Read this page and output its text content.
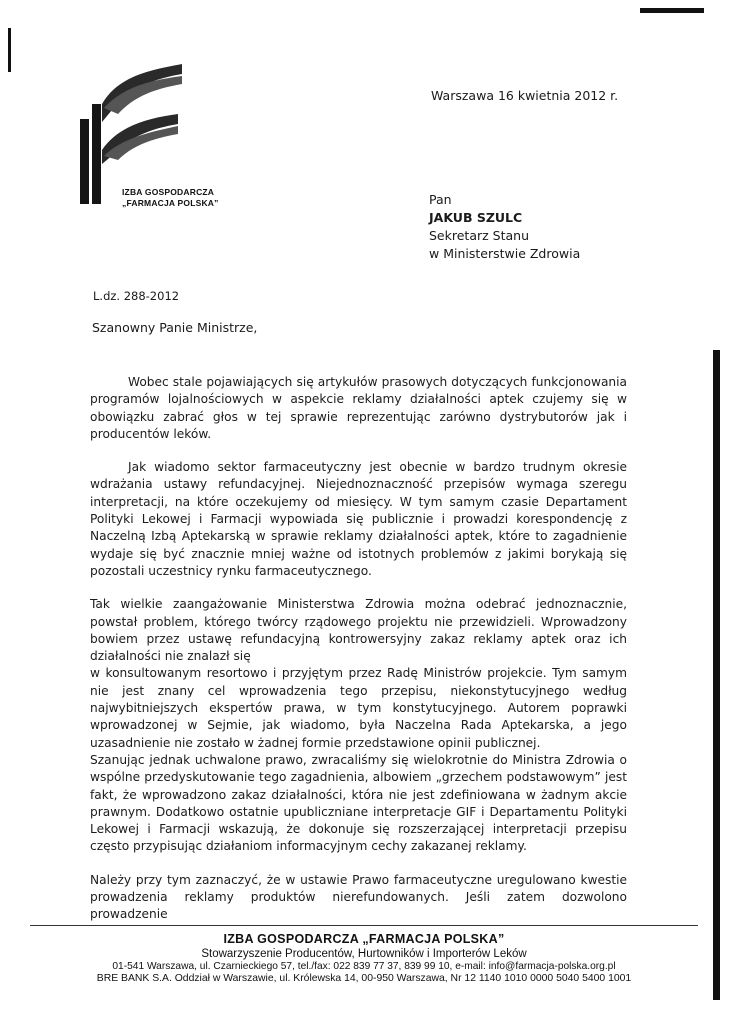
IZBA GOSPODARCZA
„FARMACJA POLSKA”
Warszawa 16 kwietnia 2012 r.
Pan
JAKUB SZULC
Sekretarz Stanu
w Ministerstwie Zdrowia
L.dz. 288-2012
Szanowny Panie Ministrze,

Wobec stale pojawiających się artykułów prasowych dotyczących funkcjonowania programów lojalnościowych w aspekcie reklamy działalności aptek czujemy się w obowiązku zabrać głos w tej sprawie reprezentując zarówno dystrybutorów jak i producentów leków.

Jak wiadomo sektor farmaceutyczny jest obecnie w bardzo trudnym okresie wdrażania ustawy refundacyjnej. Niejednoznaczność przepisów wymaga szeregu interpretacji, na które oczekujemy od miesięcy. W tym samym czasie Departament Polityki Lekowej i Farmacji wypowiada się publicznie i prowadzi korespondencję z Naczelną Izbą Aptekarską w sprawie reklamy działalności aptek, które to zagadnienie wydaje się być znacznie mniej ważne od istotnych problemów z jakimi borykają się pozostali uczestnicy rynku farmaceutycznego.

Tak wielkie zaangażowanie Ministerstwa Zdrowia można odebrać jednoznacznie, powstał problem, którego twórcy rządowego projektu nie przewidzieli. Wprowadzony bowiem przez ustawę refundacyjną kontrowersyjny zakaz reklamy aptek oraz ich działalności nie znalazł się

w konsultowanym resortowo i przyjętym przez Radę Ministrów projekcie. Tym samym nie jest znany cel wprowadzenia tego przepisu, niekonstytucyjnego według najwybitniejszych ekspertów prawa, w tym konstytucyjnego. Autorem poprawki wprowadzonej w Sejmie, jak wiadomo, była Naczelna Rada Aptekarska, a jego uzasadnienie nie zostało w żadnej formie przedstawione opinii publicznej.

Szanując jednak uchwalone prawo, zwracaliśmy się wielokrotnie do Ministra Zdrowia o wspólne przedyskutowanie tego zagadnienia, albowiem „grzechem podstawowym” jest fakt, że wprowadzono zakaz działalności, która nie jest zdefiniowana w żadnym akcie prawnym. Dodatkowo ostatnie upubliczniane interpretacje GIF i Departamentu Polityki Lekowej i Farmacji wskazują, że dokonuje się rozszerzającej interpretacji przepisu często przypisując działaniom informacyjnym cechy zakazanej reklamy.

Należy przy tym zaznaczyć, że w ustawie Prawo farmaceutyczne uregulowano kwestie prowadzenia reklamy produktów nierefundowanych. Jeśli zatem dozwolono prowadzenie

IZBA GOSPODARCZA „FARMACJA POLSKA”
Stowarzyszenie Producentów, Hurtowników i Importerów Leków
01-541 Warszawa, ul. Czarnieckiego 57, tel./fax: 022 839 77 37, 839 99 10, e-mail: info@farmacja-polska.org.pl
BRE BANK S.A. Oddział w Warszawie, ul. Królewska 14, 00-950 Warszawa, Nr 12 1140 1010 0000 5040 5400 1001
